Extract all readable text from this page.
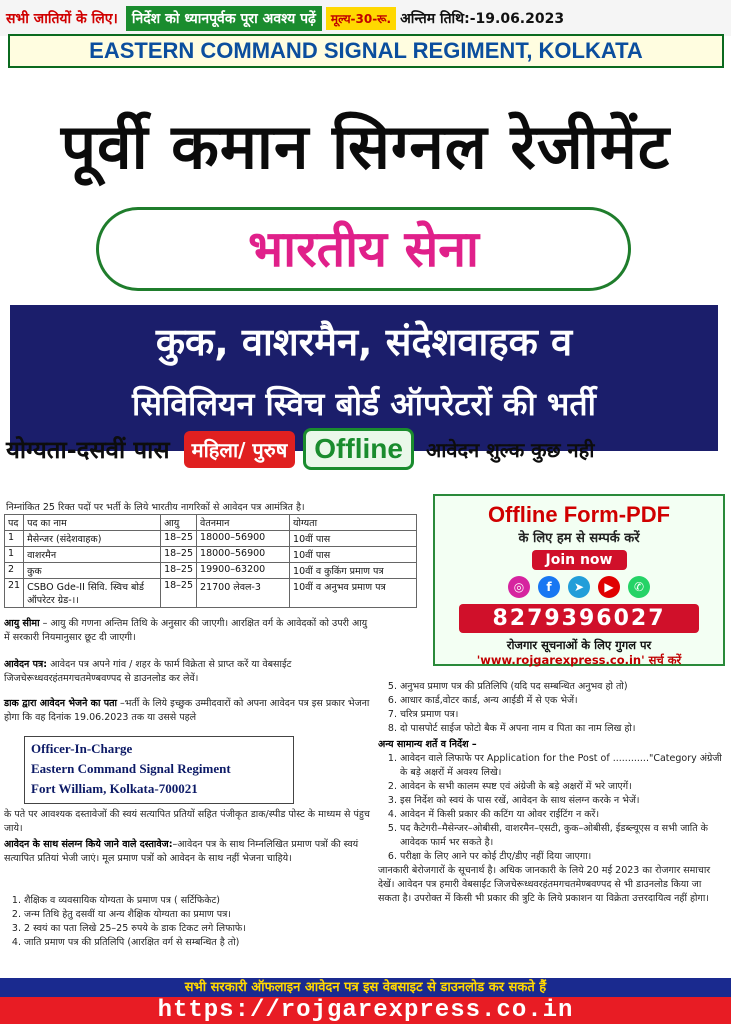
सभी जातियों के लिए।	निर्देश को ध्यानपूर्वक पूरा अवश्य पढ़ें	मूल्य-30-रू. अन्तिम तिथि:-19.06.2023
EASTERN COMMAND SIGNAL REGIMENT, KOLKATA
पूर्वी कमान सिग्नल रेजीमेंट
भारतीय सेना
कुक, वाशरमैन, संदेशवाहक व
सिविलियन स्विच बोर्ड ऑपरेटरों की भर्ती
योग्यता-दसवीं पास	महिला/ पुरुष Offline	आवेदन शुल्क कुछ नही
निम्नांकित 25 रिक्त पदों पर भर्ती के लिये भारतीय नागरिकों से आवेदन पत्र आमंत्रित है।
पद	पद का नाम	आयु	वेतनमान	योग्यता
1	मैसेन्जर (संदेशवाहक)	18–25	18000–56900	10वीं पास
1	वाशरमैन	18–25	18000–56900	10वीं पास
2	कुक	18–25	19900–63200	10वीं व कुकिंग प्रमाण पत्र
21	CSBO Gde-II सिवि. स्विच बोर्ड ऑपरेटर ग्रेड-।।	18–25	21700 लेवल-3	10वीं व अनुभव प्रमाण पत्र
Offline Form-PDF
के लिए हम से सम्पर्क करें
Join now
◎	f	➤	▶	✆
8279396027
रोजगार सूचनाओं के लिए गुगल पर
'www.rojgarexpress.co.in' सर्च करें
आयु सीमा – आयु की गणना अन्तिम तिथि के अनुसार की जाएगी। आरक्षित वर्ग के आवेदकों को उपरी आयु में सरकारी नियमानुसार छूट दी जाएगी।
आवेदन पत्र: आवेदन पत्र अपने गांव / शहर के फार्म विक्रेता से प्राप्त करें या वेबसाईट जिजचेरूध्धवरहंतमगचतमेण्बवण्पद से डाउनलोड कर लेवें।
डाक द्वारा आवेदन भेजने का पता –भर्ती के लिये इच्छुक उम्मीदवारों को अपना आवेदन पत्र इस प्रकार भेजना होगा कि वह दिनांक 19.06.2023 तक या उससे पहले
Officer-In-Charge
Eastern Command Signal Regiment
Fort William, Kolkata-700021
के पते पर आवश्यक दस्तावेजों की स्वयं सत्यापित प्रतियों सहित पंजीकृत डाक/स्पीड पोस्ट के माध्यम से पंहुच जाये।
आवेदन के साथ संलग्न किये जाने वाले दस्तावेज:–आवेदन पत्र के साथ निम्नलिखित प्रमाण पत्रों की स्वयं सत्यापित प्रतियां भेजी जाएं। मूल प्रमाण पत्रों को आवेदन के साथ नहीं भेजना चाहिये।
1. शैक्षिक व व्यवसायिक योग्यता के प्रमाण पत्र ( सर्टिफिकेट)
2. जन्म तिथि हेतु दसवीं या अन्य शैक्षिक योग्यता का प्रमाण पत्र।
3. 2 स्वयं का पता लिखे 25–25 रुपये के डाक टिकट लगे लिफाफे।
4. जाति प्रमाण पत्र की प्रतिलिपि (आरक्षित वर्ग से सम्बन्धित है तो)
5. अनुभव प्रमाण पत्र की प्रतिलिपि (यदि पद सम्बन्धित अनुभव हो तो)
6. आधार कार्ड,वोटर कार्ड, अन्य आईडी में से एक भेजें।
7. चरित्र प्रमाण पत्र।
8. दो पासपोर्ट साईज फोटो बैक में अपना नाम व पिता का नाम लिख हो।
अन्य सामान्य शर्ते व निर्देश –
1. आवेदन वाले लिफाफे पर Application for the Post of ............"Category अंग्रेजी के बड़े अक्षरों में अवश्य लिखे।
2. आवेदन के सभी कालम स्पष्ट एवं अंग्रेजी के बड़े अक्षरों में भरे जाएगें।
3. इस निर्देश को स्वयं के पास रखें, आवेदन के साथ संलग्न करके न भेजें।
4. आवेदन में किसी प्रकार की कटिंग या ओवर राईटिंग न करें।
5. पद कैटेगरी–मैसेन्जर–ओबीसी, वाशरमैन–एसटी, कुक–ओबीसी, ईडब्ल्यूएस व सभी जाति के आवेदक फार्म भर सकते है।
6. परीक्षा के लिए आने पर कोई टीए/डीए नहीं दिया जाएगा।
जानकारी बेरोजगारों के सूचनार्थ है। अधिक जानकारी के लिये 20 मई 2023 का रोजगार समाचार देखें। आवेदन पत्र हमारी वेबसाईट जिजचेरूध्धवरहंतमगचतमेण्बवण्पद से भी डाउनलोड किया जा सकता है। उपरोक्त में किसी भी प्रकार की त्रुटि के लिये प्रकाशन या विक्रेता उत्तरदायित्व नहीं होगा।
सभी सरकारी ऑफलाइन आवेदन पत्र इस वेबसाइट से डाउनलोड कर सकते हैं
https://rojgarexpress.co.in
